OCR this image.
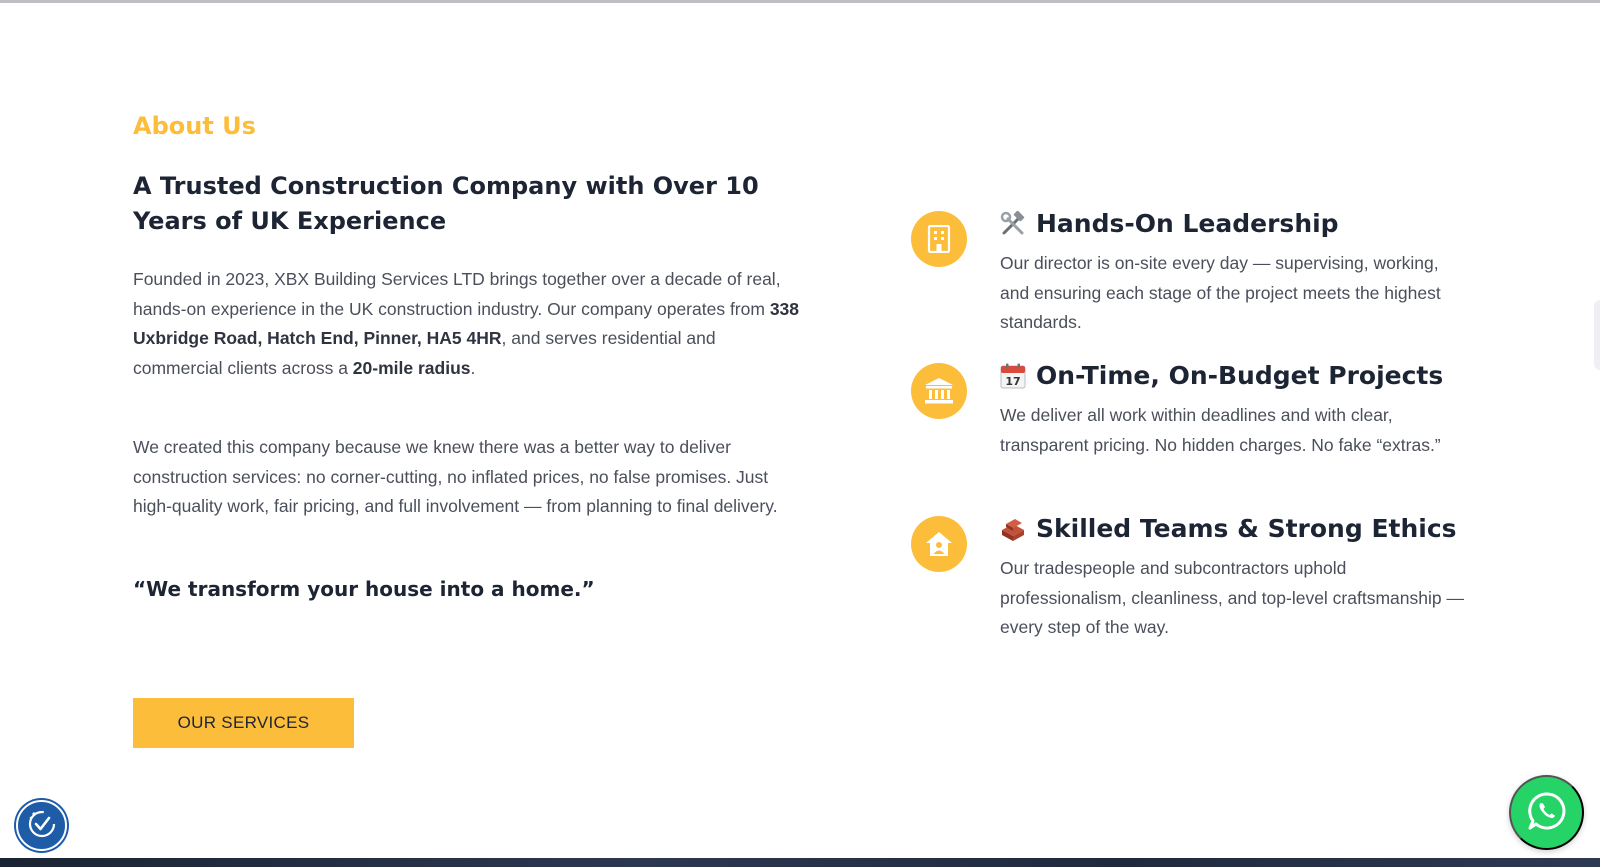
About Us
A Trusted Construction Company with Over 10 Years of UK Experience

Founded in 2023, XBX Building Services LTD brings together over a decade of real, hands-on experience in the UK construction industry. Our company operates from 338 Uxbridge Road, Hatch End, Pinner, HA5 4HR, and serves residential and commercial clients across a 20-mile radius.

We created this company because we knew there was a better way to deliver construction services: no corner-cutting, no inflated prices, no false promises. Just high-quality work, fair pricing, and full involvement — from planning to final delivery.

“We transform your house into a home.”

OUR SERVICES
Hands-On Leadership

Our director is on-site every day — supervising, working, and ensuring each stage of the project meets the highest standards.

17 On-Time, On-Budget Projects

We deliver all work within deadlines and with clear, transparent pricing. No hidden charges. No fake “extras.”

Skilled Teams & Strong Ethics

Our tradespeople and subcontractors uphold professionalism, cleanliness, and top-level craftsmanship — every step of the way.
